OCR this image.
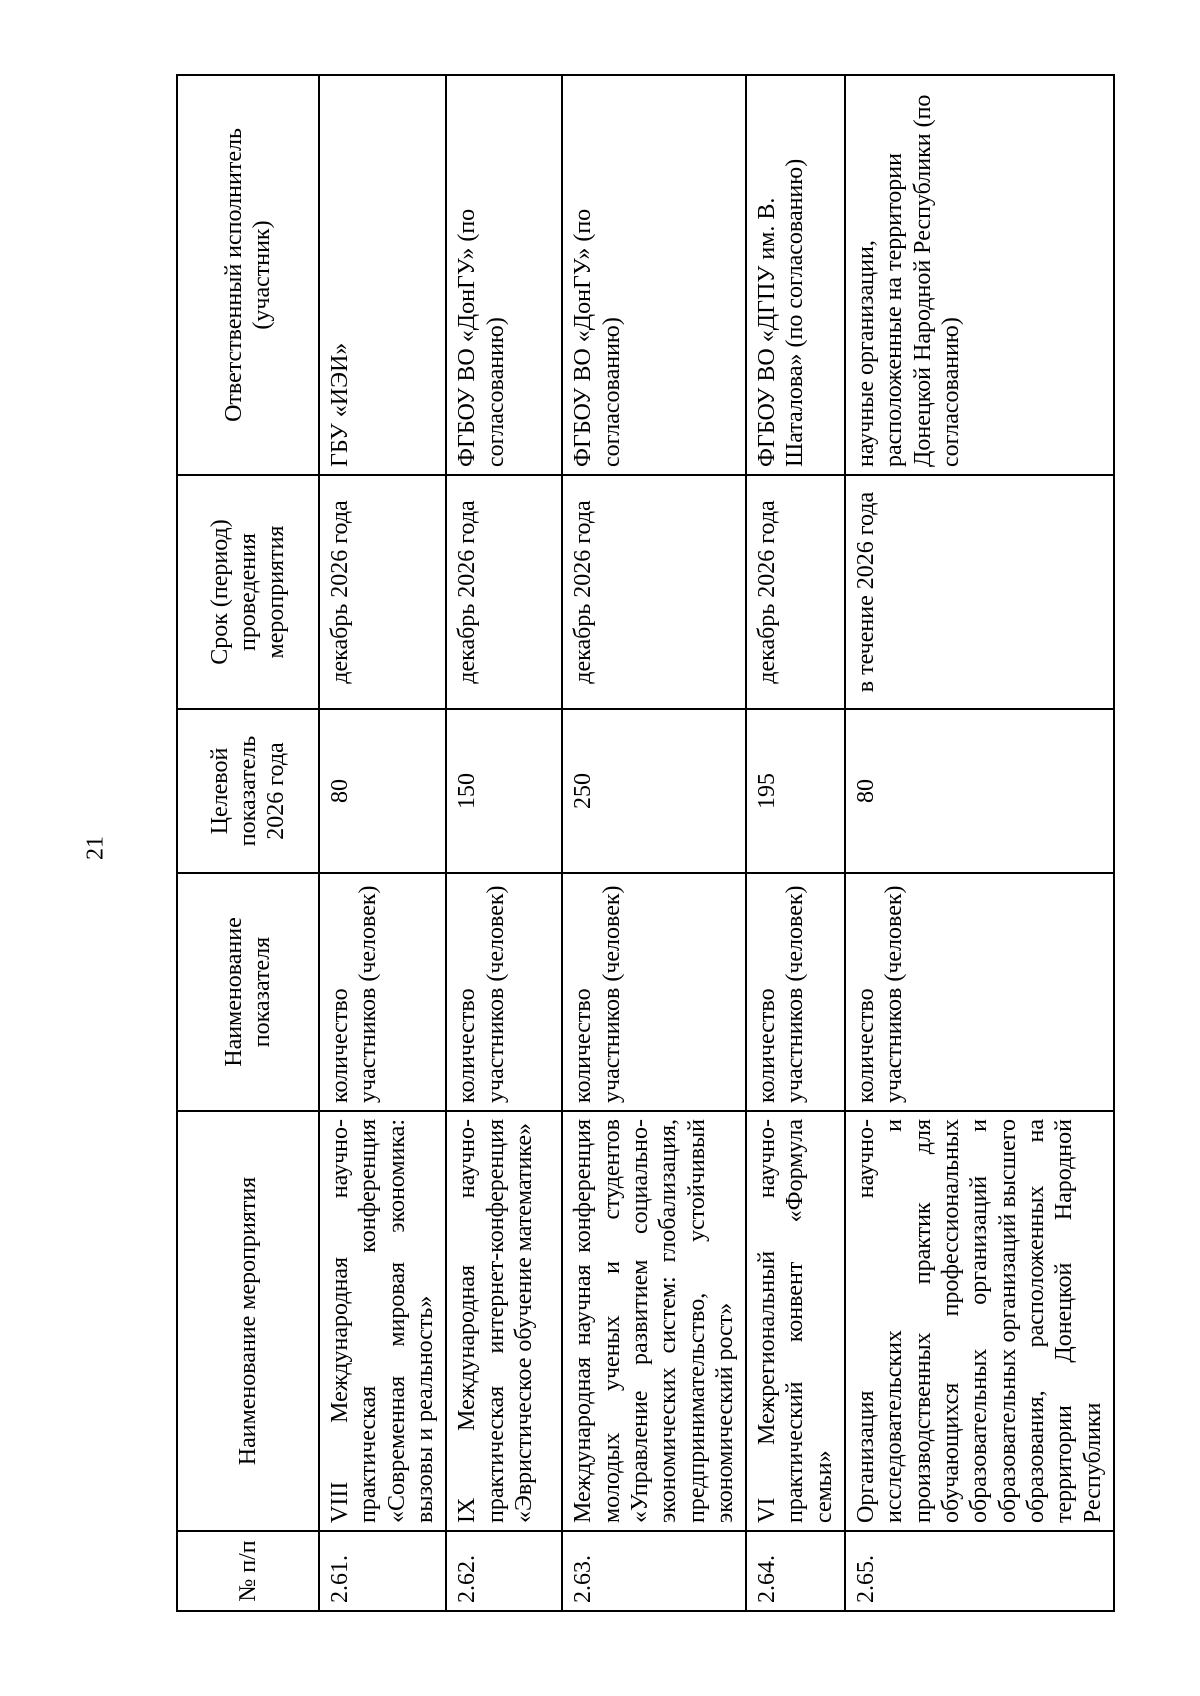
21
№ п/п	Наименование мероприятия	Наименование показателя	Целевой показатель 2026 года	Срок (период) проведения мероприятия	Ответственный исполнитель (участник)
2.61.	VIII Международная научно-практическая конференция «Современная мировая экономика: вызовы и реальность»	количество участников (человек)	80	декабрь 2026 года	ГБУ «ИЭИ»
2.62.	IX Международная научно-практическая интернет-конференция «Эвристическое обучение математике»	количество участников (человек)	150	декабрь 2026 года	ФГБОУ ВО «ДонГУ» (по согласованию)
2.63.	Международная научная конференция молодых ученых и студентов «Управление развитием социально-экономических систем: глобализация, предпринимательство, устойчивый экономический рост»	количество участников (человек)	250	декабрь 2026 года	ФГБОУ ВО «ДонГУ» (по согласованию)
2.64.	VI Межрегиональный научно-практический конвент «Формула семьи»	количество участников (человек)	195	декабрь 2026 года	ФГБОУ ВО «ДГПУ им. В. Шаталова» (по согласованию)
2.65.	Организация научно-исследовательских и производственных практик для обучающихся профессиональных образовательных организаций и образовательных организаций высшего образования, расположенных на территории Донецкой Народной Республики	количество участников (человек)	80	в течение 2026 года	научные организации, расположенные на территории Донецкой Народной Республики (по согласованию)
